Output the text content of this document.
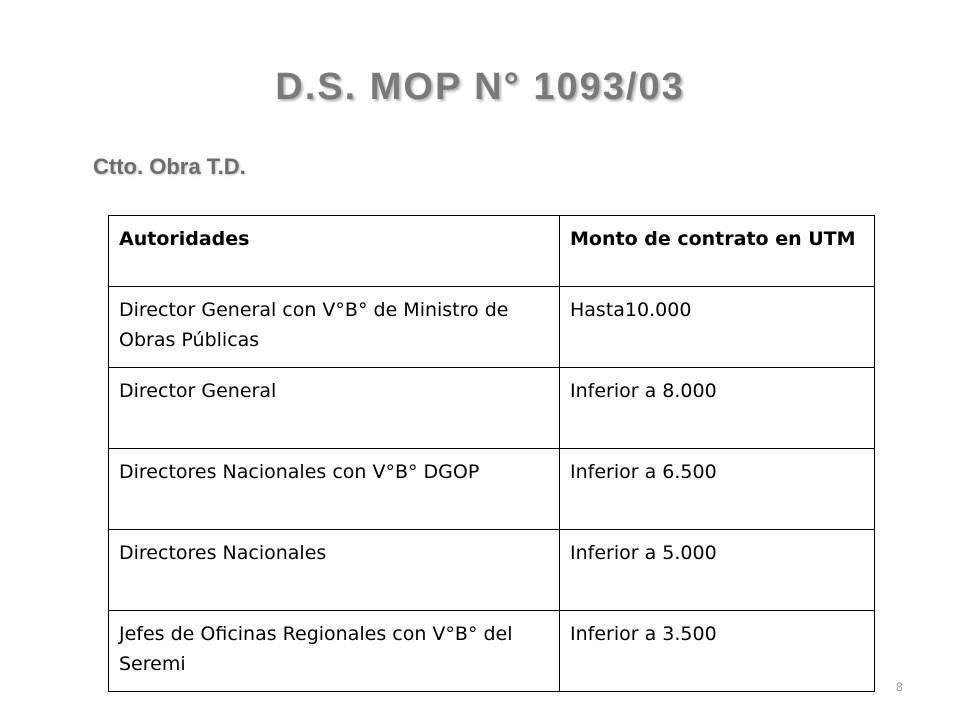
D.S. MOP N° 1093/03
Ctto. Obra T.D.
Autoridades	Monto de contrato en UTM
Director General con V°B° de Ministro de Obras Públicas	Hasta10.000
Director General	Inferior a 8.000
Directores Nacionales con V°B° DGOP	Inferior a 6.500
Directores Nacionales	Inferior a 5.000
Jefes de Oficinas Regionales con V°B° del Seremi	Inferior a 3.500
8
